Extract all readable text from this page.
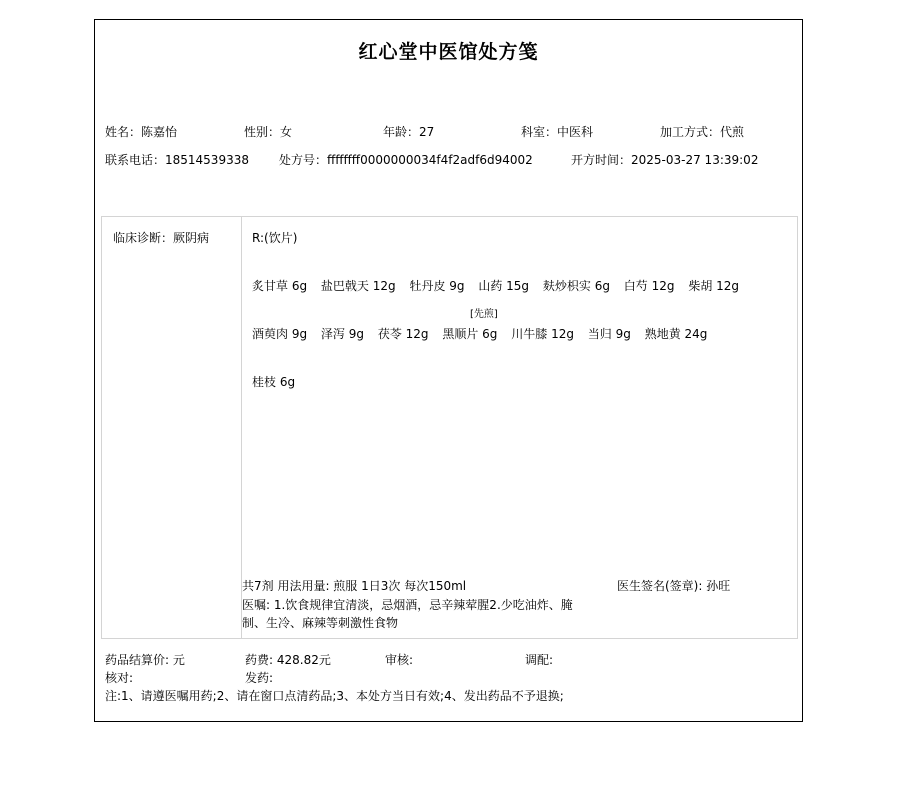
红心堂中医馆处方笺
姓名：陈嘉怡	性别：女	年龄：27	科室：中医科	加工方式：代煎
联系电话：18514539338	处方号：ffffffff0000000034f4f2adf6d94002	开方时间：2025-03-27 13:39:02
临床诊断：厥阴病	R:(饮片)
炙甘草 6g 盐巴戟天 12g 牡丹皮 9g 山药 15g 麸炒枳实 6g 白芍 12g 柴胡 12g
[先煎]
酒萸肉 9g 泽泻 9g 茯苓 12g 黑顺片 6g 川牛膝 12g 当归 9g 熟地黄 24g
桂枝 6g
共7剂 用法用量: 煎服 1日3次 每次150ml	医生签名(签章): 孙旺
医嘱: 1.饮食规律宜清淡，忌烟酒，忌辛辣荤腥2.少吃油炸、腌
制、生冷、麻辣等刺激性食物
药品结算价: 元	药费: 428.82元	审核:	调配:
核对:	发药:
注:1、请遵医嘱用药;2、请在窗口点清药品;3、本处方当日有效;4、发出药品不予退换;
